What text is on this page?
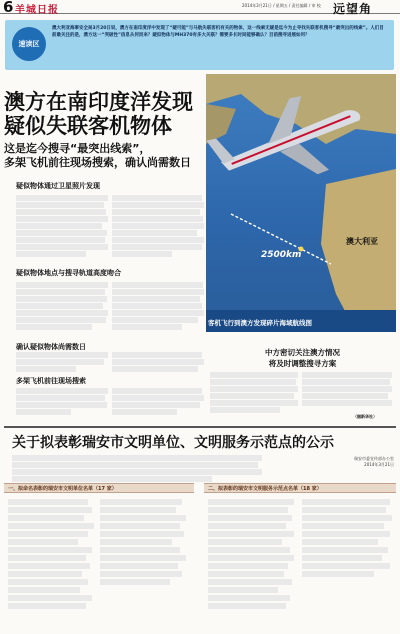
6 羊城日报	2014年3月21日 / 星期五 / 责任编辑 / 审 校 远望角
速读区
澳大利亚海事安全局3月20日说，澳方在南印度洋中发现了“疑可能”与马航失联客机有关的物体，这一线索无疑是迄今为止寻找失联客机搜寻“最突出的线索”。人们目前最关注的是，澳方这一“突破性”信息从何而来？疑似物体与MH370有多大关联？需要多长时间能够确认？目前搜寻进展如何？
澳方在南印度洋发现
疑似失联客机物体
这是迄今搜寻“最突出线索”，
多架飞机前往现场搜索，确认尚需数日
澳大利亚
2500km
客机飞行到澳方发现碎片海域航线图
疑似物体通过卫星照片发现
疑似物体地点与搜寻轨道高度吻合
确认疑似物体尚需数日
多架飞机前往现场搜索
中方密切关注澳方情况
将及时调整搜寻方案
（据新华社）
关于拟表彰瑞安市文明单位、文明服务示范点的公示
瑞安市委宣传部办公室
2014年3月21日
一、拟命名表彰的瑞安市文明单位名单（17 家）	二、拟表彰的瑞安市文明服务示范点名单（18 家）
